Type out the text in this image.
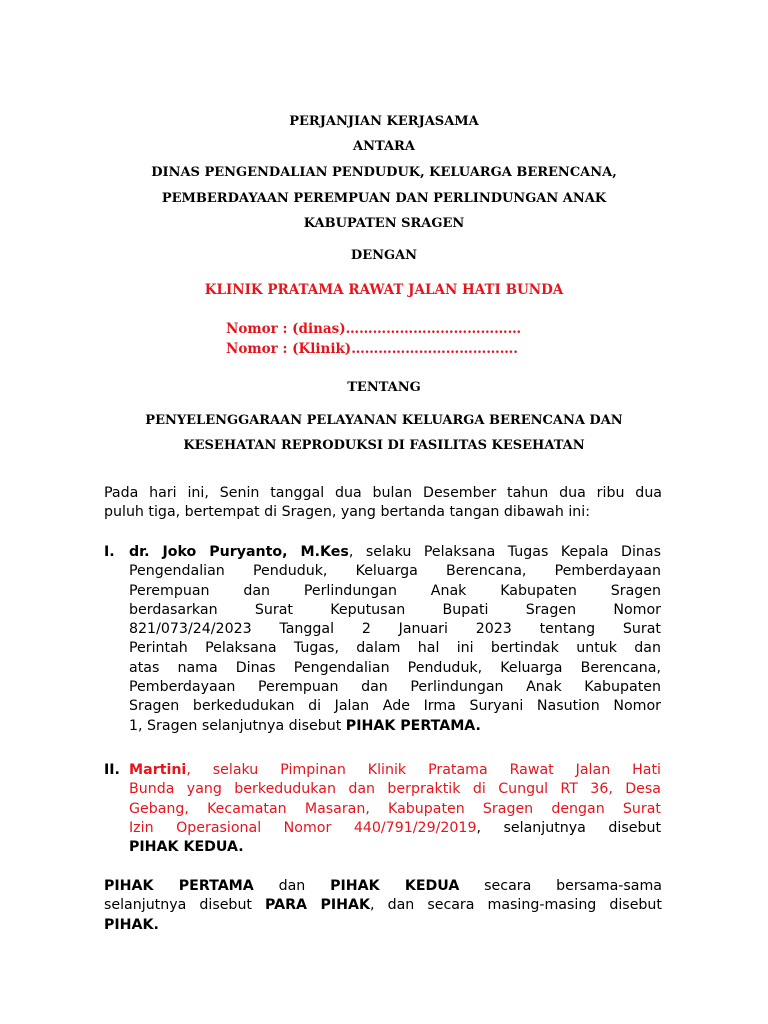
PERJANJIAN KERJASAMA
ANTARA
DINAS PENGENDALIAN PENDUDUK, KELUARGA BERENCANA,
PEMBERDAYAAN PEREMPUAN DAN PERLINDUNGAN ANAK
KABUPATEN SRAGEN
DENGAN
KLINIK PRATAMA RAWAT JALAN HATI BUNDA
Nomor : (dinas)…………………………………
Nomor : (Klinik)……………………………….
TENTANG
PENYELENGGARAAN PELAYANAN KELUARGA BERENCANA DAN
KESEHATAN REPRODUKSI DI FASILITAS KESEHATAN
Pada hari ini, Senin tanggal dua bulan Desember tahun dua ribu dua
puluh tiga, bertempat di Sragen, yang bertanda tangan dibawah ini:
I. dr. Joko Puryanto, M.Kes, selaku Pelaksana Tugas Kepala Dinas
Pengendalian Penduduk, Keluarga Berencana, Pemberdayaan
Perempuan dan Perlindungan Anak Kabupaten Sragen
berdasarkan Surat Keputusan Bupati Sragen Nomor
821/073/24/2023 Tanggal 2 Januari 2023 tentang Surat
Perintah Pelaksana Tugas, dalam hal ini bertindak untuk dan
atas nama Dinas Pengendalian Penduduk, Keluarga Berencana,
Pemberdayaan Perempuan dan Perlindungan Anak Kabupaten
Sragen berkedudukan di Jalan Ade Irma Suryani Nasution Nomor
1, Sragen selanjutnya disebut PIHAK PERTAMA.
II. Martini, selaku Pimpinan Klinik Pratama Rawat Jalan Hati
Bunda yang berkedudukan dan berpraktik di Cungul RT 36, Desa
Gebang, Kecamatan Masaran, Kabupaten Sragen dengan Surat
Izin Operasional Nomor 440/791/29/2019, selanjutnya disebut
PIHAK KEDUA.
PIHAK PERTAMA dan PIHAK KEDUA secara bersama-sama
selanjutnya disebut PARA PIHAK, dan secara masing-masing disebut
PIHAK.
